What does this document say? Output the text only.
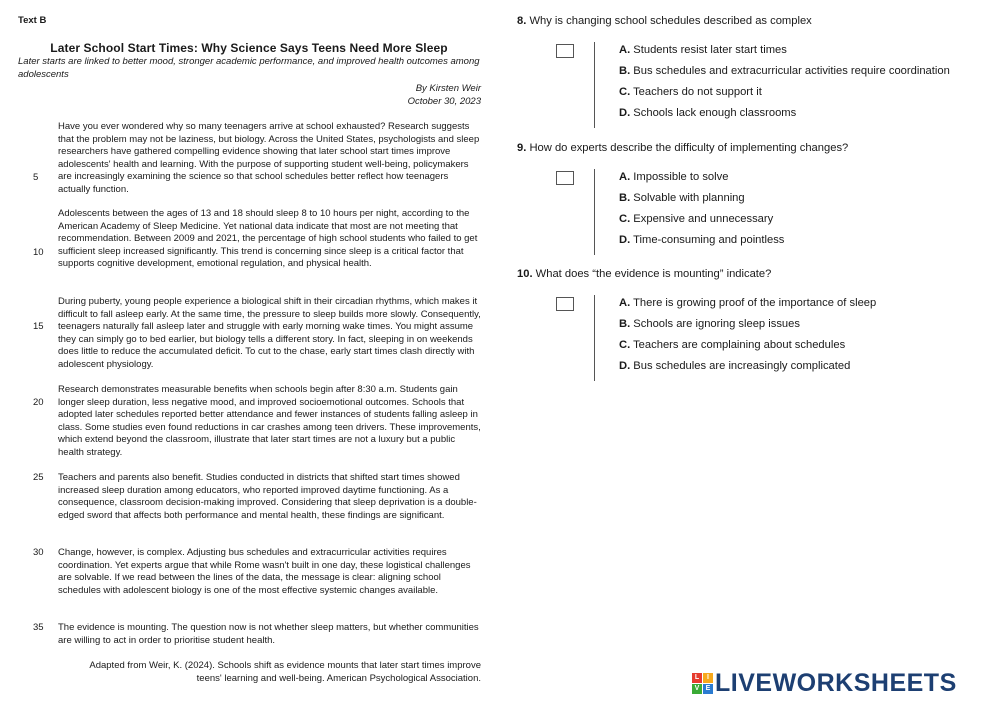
Text B
Later School Start Times: Why Science Says Teens Need More Sleep
Later starts are linked to better mood, stronger academic performance, and improved health outcomes among adolescents
By Kirsten Weir
October 30, 2023
Have you ever wondered why so many teenagers arrive at school exhausted? Research suggests that the problem may not be laziness, but biology. Across the United States, psychologists and sleep researchers have gathered compelling evidence showing that later school start times improve adolescents' health and learning. With the purpose of supporting student well-being, policymakers are increasingly examining the science so that school schedules better reflect how teenagers actually function.
Adolescents between the ages of 13 and 18 should sleep 8 to 10 hours per night, according to the American Academy of Sleep Medicine. Yet national data indicate that most are not meeting that recommendation. Between 2009 and 2021, the percentage of high school students who failed to get sufficient sleep increased significantly. This trend is concerning since sleep is a critical factor that supports cognitive development, emotional regulation, and physical health.
During puberty, young people experience a biological shift in their circadian rhythms, which makes it difficult to fall asleep early. At the same time, the pressure to sleep builds more slowly. Consequently, teenagers naturally fall asleep later and struggle with early morning wake times. You might assume they can simply go to bed earlier, but biology tells a different story. In fact, sleeping in on weekends does little to reduce the accumulated deficit. To cut to the chase, early start times clash directly with adolescent physiology.
Research demonstrates measurable benefits when schools begin after 8:30 a.m. Students gain longer sleep duration, less negative mood, and improved socioemotional outcomes. Schools that adopted later schedules reported better attendance and fewer instances of students falling asleep in class. Some studies even found reductions in car crashes among teen drivers. These improvements, which extend beyond the classroom, illustrate that later start times are not a luxury but a public health strategy.
Teachers and parents also benefit. Studies conducted in districts that shifted start times showed increased sleep duration among educators, who reported improved daytime functioning. As a consequence, classroom decision-making improved. Considering that sleep deprivation is a double-edged sword that affects both performance and mental health, these findings are significant.
Change, however, is complex. Adjusting bus schedules and extracurricular activities requires coordination. Yet experts argue that while Rome wasn't built in one day, these logistical challenges are solvable. If we read between the lines of the data, the message is clear: aligning school schedules with adolescent biology is one of the most effective systemic changes available.
The evidence is mounting. The question now is not whether sleep matters, but whether communities are willing to act in order to prioritise student health.
5
10
15
20
25
30
35
Adapted from Weir, K. (2024). Schools shift as evidence mounts that later start times improve
teens' learning and well-being. American Psychological Association.
8. Why is changing school schedules described as complex
A. Students resist later start times
B. Bus schedules and extracurricular activities require coordination
C. Teachers do not support it
D. Schools lack enough classrooms
9. How do experts describe the difficulty of implementing changes?
A. Impossible to solve
B. Solvable with planning
C. Expensive and unnecessary
D. Time-consuming and pointless
10. What does “the evidence is mounting” indicate?
A. There is growing proof of the importance of sleep
B. Schools are ignoring sleep issues
C. Teachers are complaining about schedules
D. Bus schedules are increasingly complicated
L	I
V E LIVEWORKSHEETS
